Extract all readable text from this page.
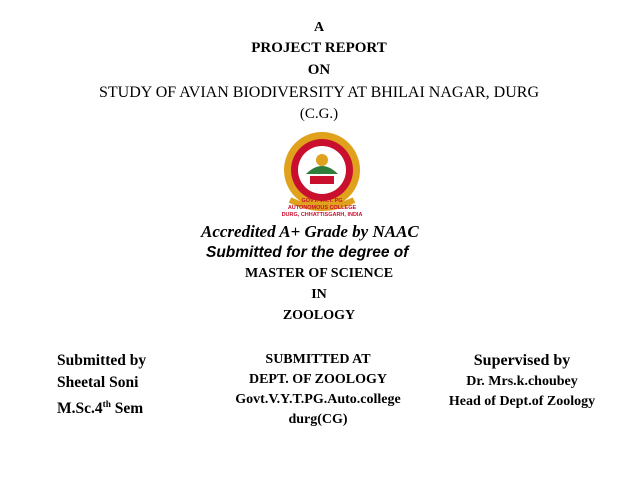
A
PROJECT REPORT
ON
STUDY OF AVIAN BIODIVERSITY AT BHILAI NAGAR, DURG
(C.G.)
GOVT. V.Y.T. PG
AUTONOMOUS COLLEGE
DURG, CHHATTISGARH, INDIA
Accredited A+ Grade by NAAC
Submitted for the degree of
MASTER OF SCIENCE
IN
ZOOLOGY
Submitted by
Sheetal Soni
M.Sc.4th Sem
SUBMITTED AT
DEPT. OF ZOOLOGY
Govt.V.Y.T.PG.Auto.college
durg(CG)
Supervised by
Dr. Mrs.k.choubey
Head of Dept.of Zoology
